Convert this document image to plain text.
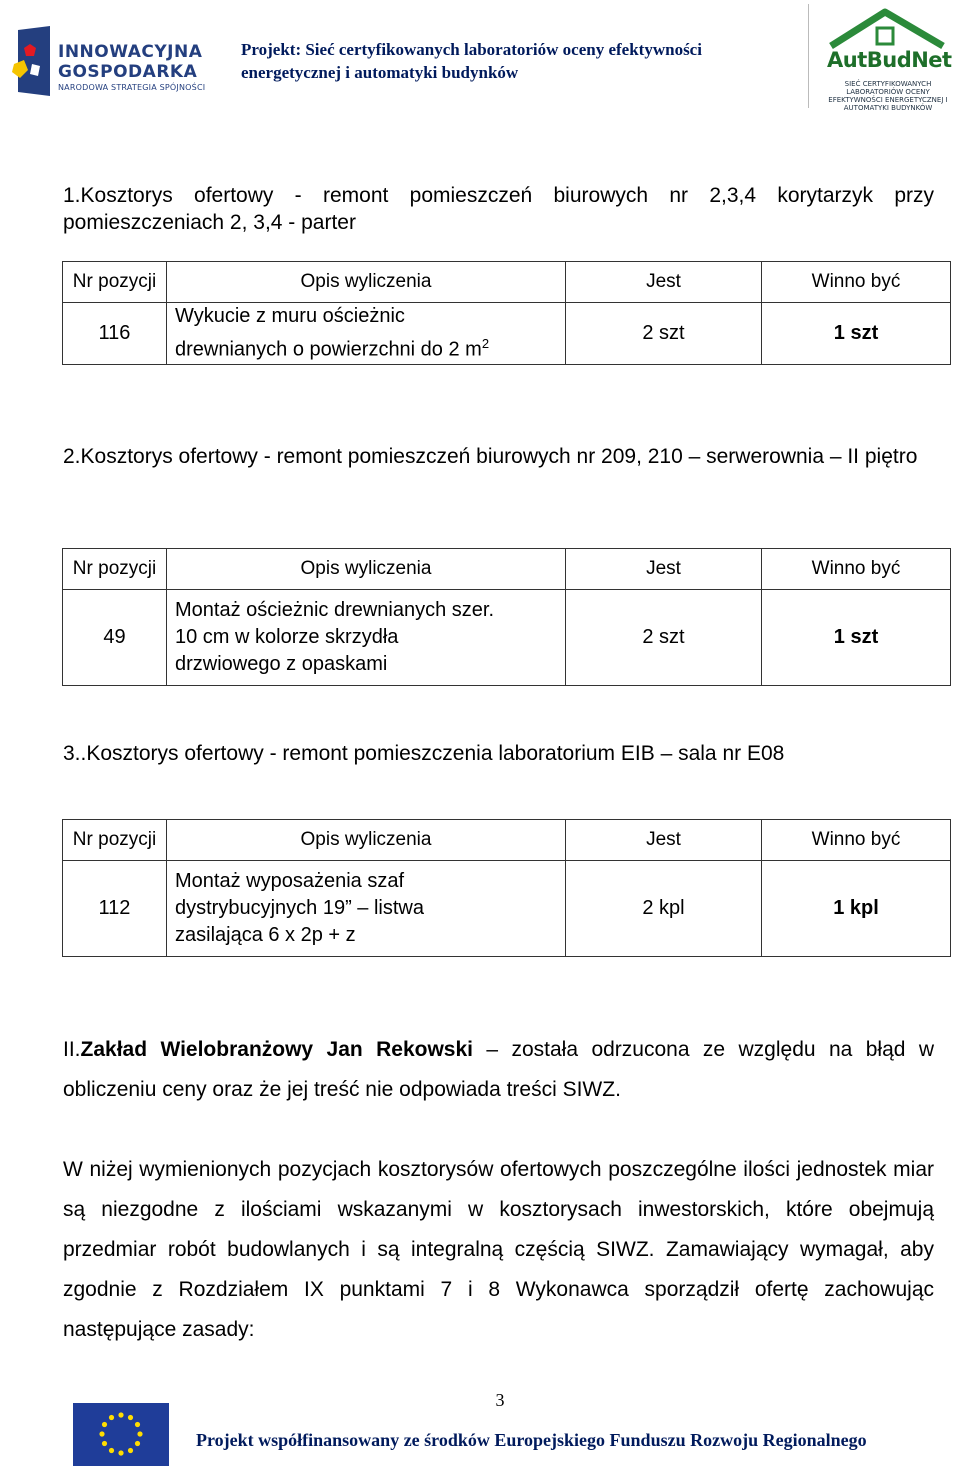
INNOWACYJNA
GOSPODARKA
NARODOWA STRATEGIA SPÓJNOŚCI
Projekt: Sieć certyfikowanych laboratoriów oceny efektywności
energetycznej i automatyki budynków
AutBudNet
SIEĆ CERTYFIKOWANYCH LABORATORIÓW OCENY EFEKTYWNOŚCI ENERGETYCZNEJ I AUTOMATYKI BUDYNKÓW
1.Kosztorys ofertowy - remont pomieszczeń biurowych nr 2,3,4 korytarzyk przy pomieszczeniach 2, 3,4 - parter
Nr pozycji	Opis wyliczenia	Jest	Winno być
116	Wykucie z muru ościeżnic
drewnianych o powierzchni do 2 $m^2$	2 szt	1 szt
2.Kosztorys ofertowy - remont pomieszczeń biurowych nr 209, 210 – serwerownia – II piętro
Nr pozycji	Opis wyliczenia	Jest	Winno być
49	Montaż ościeżnic drewnianych szer.
10 cm w kolorze skrzydła
drzwiowego z opaskami	2 szt	1 szt
3..Kosztorys ofertowy - remont pomieszczenia laboratorium EIB – sala nr E08
Nr pozycji	Opis wyliczenia	Jest	Winno być
112	Montaż wyposażenia szaf
dystrybucyjnych 19” – listwa
zasilająca 6 x 2p + z	2 kpl	1 kpl
II.Zakład Wielobranżowy Jan Rekowski – została odrzucona ze względu na błąd w obliczeniu ceny oraz że jej treść nie odpowiada treści SIWZ.
W niżej wymienionych pozycjach kosztorysów ofertowych poszczególne ilości jednostek miar są niezgodne z ilościami wskazanymi w kosztorysach inwestorskich, które obejmują przedmiar robót budowlanych i są integralną częścią SIWZ. Zamawiający wymagał, aby zgodnie z Rozdziałem IX punktami 7 i 8 Wykonawca sporządził ofertę zachowując następujące zasady:
3
Projekt współfinansowany ze środków Europejskiego Funduszu Rozwoju Regionalnego
